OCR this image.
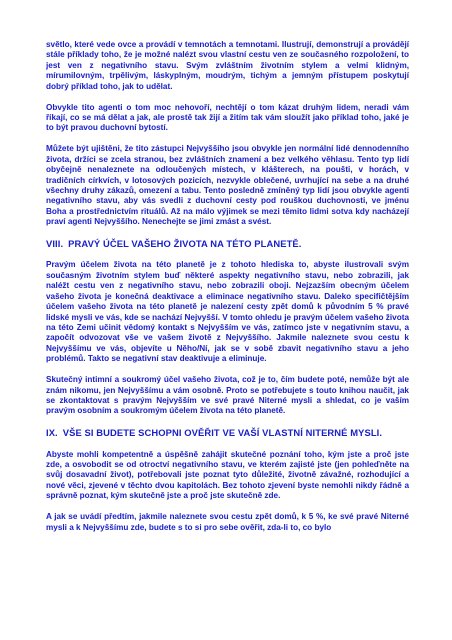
světlo, které vede ovce a provádí v temnotách a temnotami. Ilustrují, demonstrují a provádějí stále příklady toho, že je možné nalézt svou vlastní cestu ven ze současného rozpoložení, to jest ven z negativního stavu. Svým zvláštním životním stylem a velmi klidným, mírumilovným, trpělivým, láskyplným, moudrým, tichým a jemným přístupem poskytují dobrý příklad toho, jak to udělat.

Obvykle tito agenti o tom moc nehovoří, nechtějí o tom kázat druhým lidem, neradi vám říkají, co se má dělat a jak, ale prostě tak žijí a žitím tak vám sloužít jako příklad toho, jaké je to být pravou duchovní bytostí.

Můžete být ujištěni, že tito zástupci Nejvyššího jsou obvykle jen normální lidé dennodenního života, držíci se zcela stranou, bez zvláštních znamení a bez velkého věhlasu. Tento typ lidí obyčejně nenaleznete na odloučených místech, v klášterech, na poušti, v horách, v tradičních církvích, v lotosových pozicích, nezvykle oblečené, uvrhující na sebe a na druhé všechny druhy zákazů, omezení a tabu. Tento posledně zmíněný typ lidí jsou obvykle agenti negativního stavu, aby vás svedli z duchovní cesty pod rouškou duchovnosti, ve jménu Boha a prostřednictvím rituálů. Až na málo výjimek se mezi těmito lidmi sotva kdy nacházejí praví agenti Nejvyššího. Nenechejte se jimi zmást a svést.

VIII. PRAVÝ ÚČEL VAŠEHO ŽIVOTA NA TÉTO PLANETĚ.

Pravým účelem života na této planetě je z tohoto hlediska to, abyste ilustrovali svým současným životním stylem buď některé aspekty negativního stavu, nebo zobrazili, jak naléžt cestu ven z negativního stavu, nebo zobrazili oboji. Nejzazším obecným účelem vašeho života je konečná deaktivace a eliminace negativního stavu. Daleko specifičtějším účelem vašeho života na této planetě je nalezení cesty zpět domů k původním 5 % pravé lidské mysli ve vás, kde se nachází Nejvyšší. V tomto ohledu je pravým účelem vašeho života na této Zemi učinit vědomý kontakt s Nejvyšším ve vás, zatímco jste v negativním stavu, a započít odvozovat vše ve vašem životě z Nejvyššího. Jakmile naleznete svou cestu k Nejvyššímu ve vás, objevíte u Něho/Ní, jak se v sobě zbavit negativního stavu a jeho problémů. Takto se negativní stav deaktivuje a eliminuje.

Skutečný intimní a soukromý účel vašeho života, což je to, čím budete poté, nemůže být ale znám nikomu, jen Nejvyššímu a vám osobně. Proto se potřebujete s touto knihou naučit, jak se zkontaktovat s pravým Nejvyšším ve své pravé Niterné mysli a shledat, co je vaším pravým osobním a soukromým účelem života na této planetě.

IX. VŠE SI BUDETE SCHOPNI OVĚŘIT VE VAŠÍ VLASTNÍ NITERNÉ MYSLI.

Abyste mohli kompetentně a úspěšně zahájit skutečné poznání toho, kým jste a proč jste zde, a osvobodit se od otroctví negativního stavu, ve kterém zajisté jste (jen pohleďněte na svůj dosavadní život), potřebovali jste poznat tyto důležité, životně závažné, rozhodující a nové věci, zjevené v těchto dvou kapitolách. Bez tohoto zjevení byste nemohli nikdy řádně a správně poznat, kým skutečně jste a proč jste skutečně zde.

A jak se uvádí předtím, jakmile naleznete svou cestu zpět domů, k 5 %, ke své pravé Niterné mysli a k Nejvyššímu zde, budete s to si pro sebe ověřit, zda-li to, co bylo
